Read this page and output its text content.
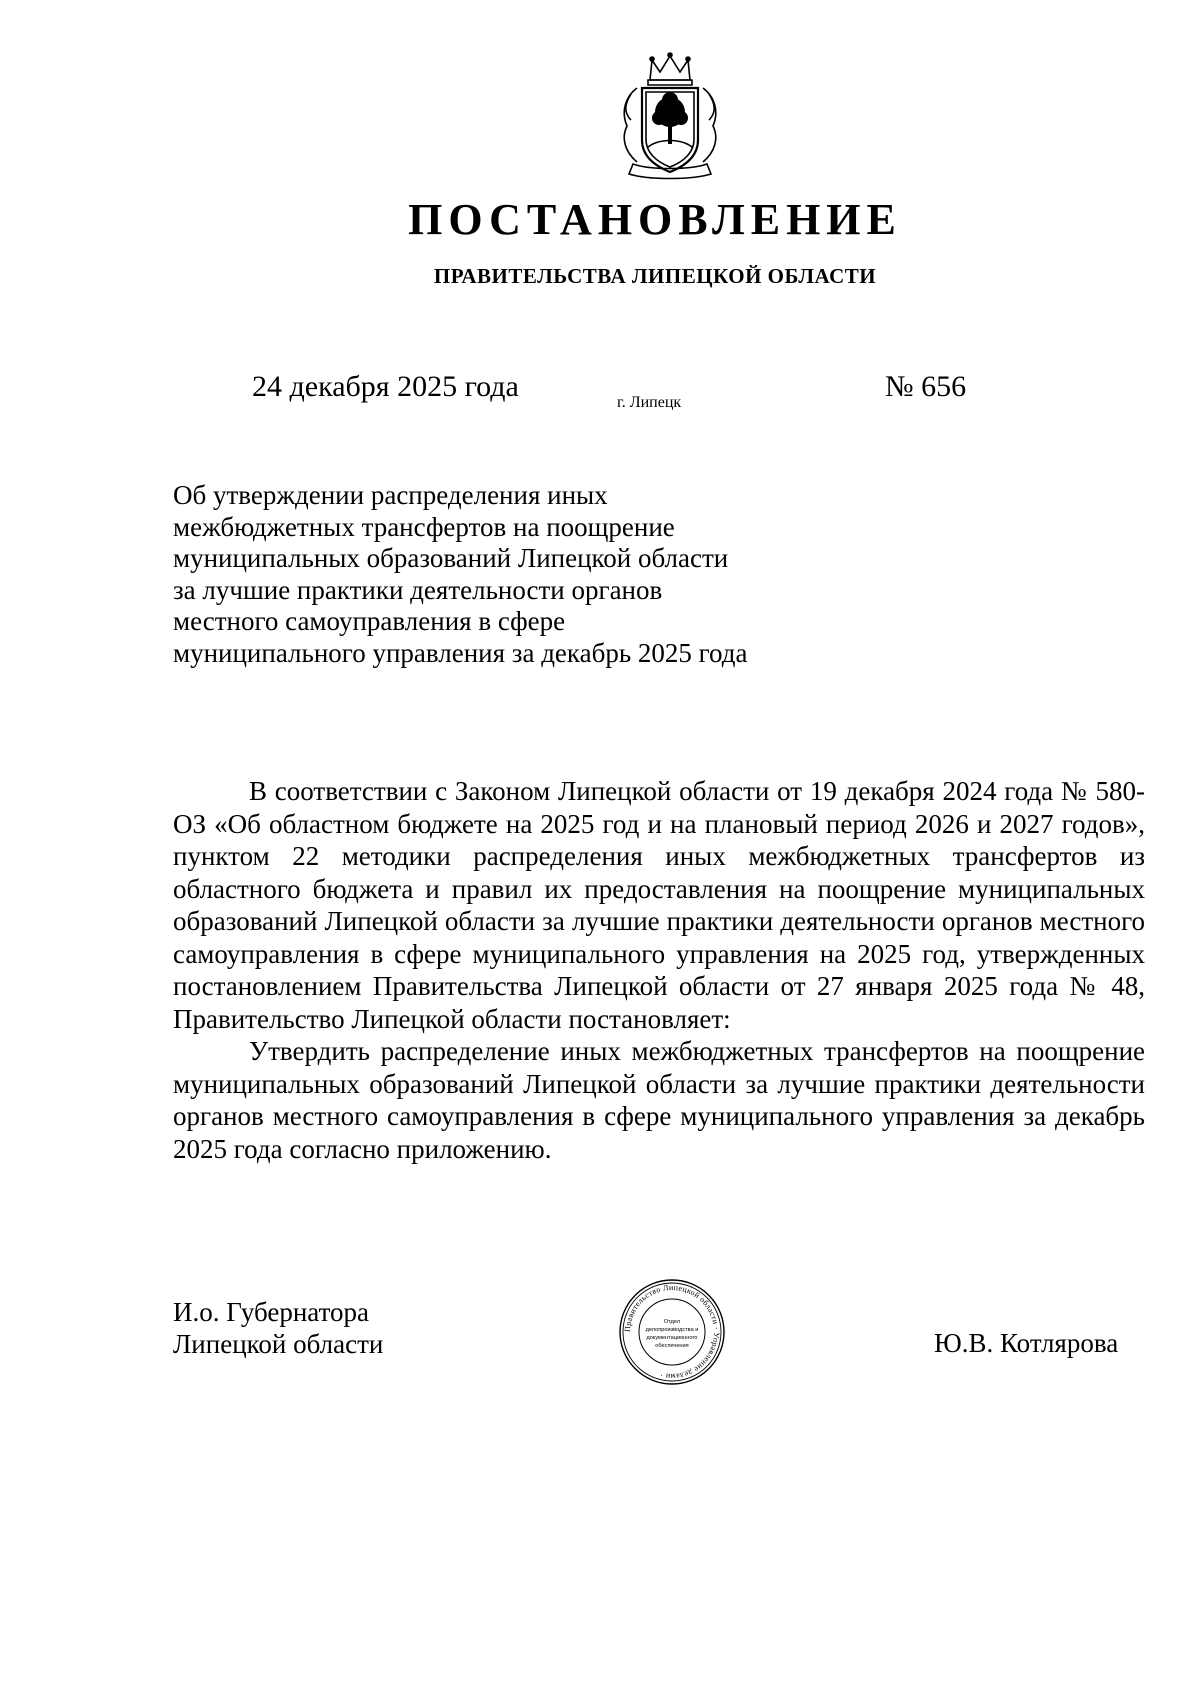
ПОСТАНОВЛЕНИЕ
ПРАВИТЕЛЬСТВА ЛИПЕЦКОЙ ОБЛАСТИ
24 декабря 2025 года	г. Липецк	№ 656
Об утверждении распределения иных
межбюджетных трансфертов на поощрение
муниципальных образований Липецкой области
за лучшие практики деятельности органов
местного самоуправления в сфере
муниципального управления за декабрь 2025 года

В соответствии с Законом Липецкой области от 19 декабря 2024 года № 580-ОЗ «Об областном бюджете на 2025 год и на плановый период 2026 и 2027 годов», пунктом 22 методики распределения иных межбюджетных трансфертов из областного бюджета и правил их предоставления на поощрение муниципальных образований Липецкой области за лучшие практики деятельности органов местного самоуправления в сфере муниципального управления на 2025 год, утвержденных постановлением Правительства Липецкой области от 27 января 2025 года № 48, Правительство Липецкой области постановляет:

Утвердить распределение иных межбюджетных трансфертов на поощрение муниципальных образований Липецкой области за лучшие практики деятельности органов местного самоуправления в сфере муниципального управления за декабрь 2025 года согласно приложению.

И.о. Губернатора
Липецкой области
Правительство Липецкой области · Управление делами ·
Отдел
делопроизводства и
документационного
обеспечения	Ю.В. Котлярова
